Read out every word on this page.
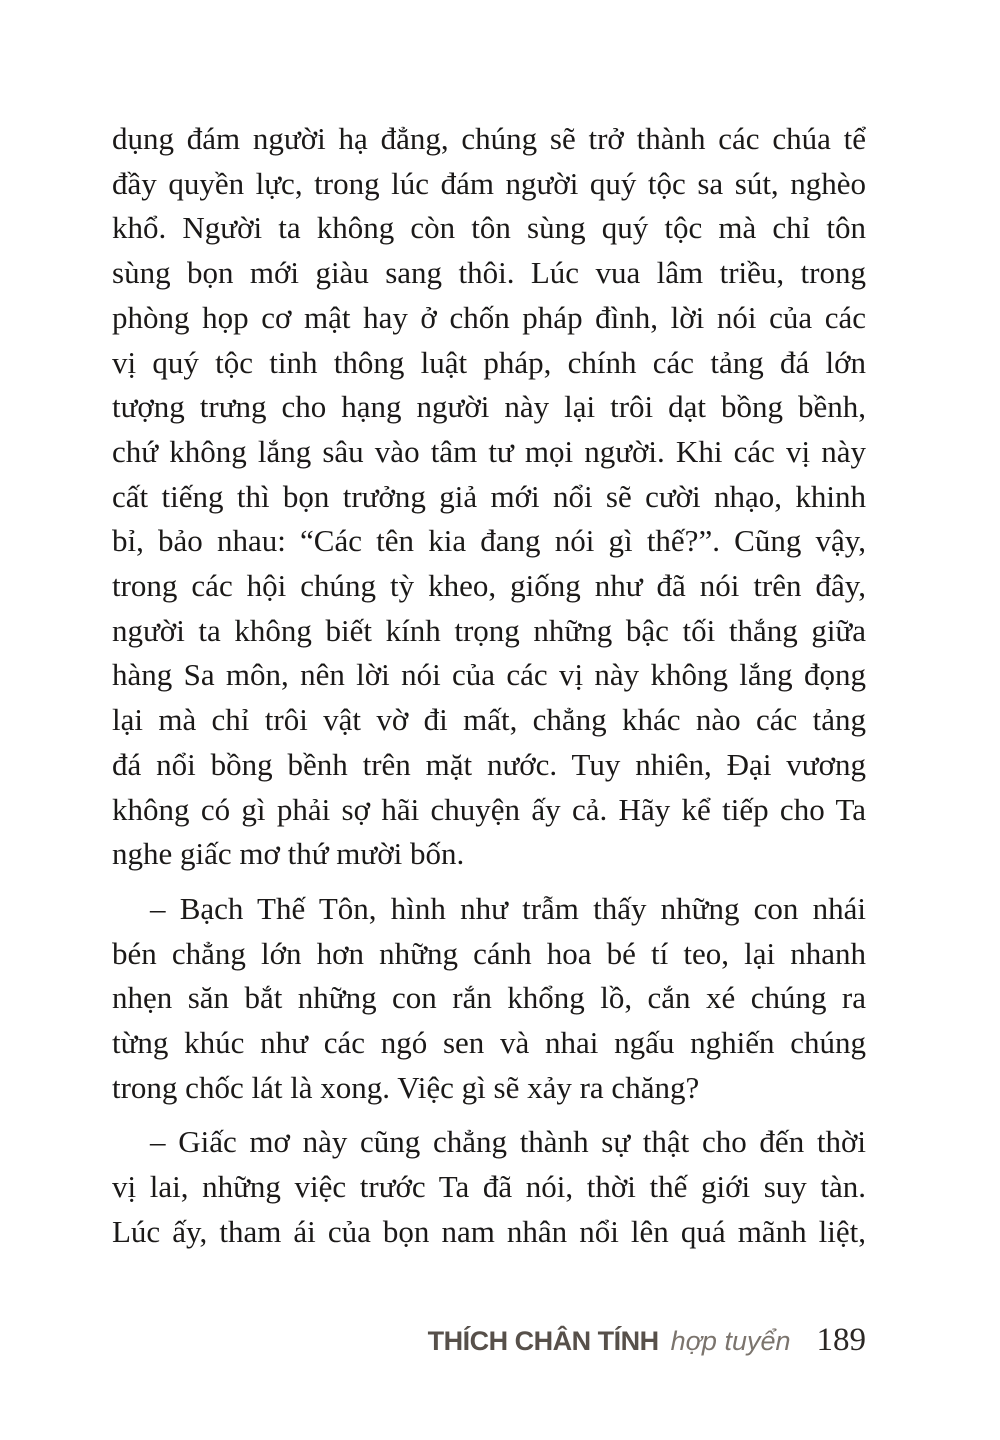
dụng đám người hạ đẳng, chúng sẽ trở thành các chúa tể
đầy quyền lực, trong lúc đám người quý tộc sa sút, nghèo
khổ. Người ta không còn tôn sùng quý tộc mà chỉ tôn
sùng bọn mới giàu sang thôi. Lúc vua lâm triều, trong
phòng họp cơ mật hay ở chốn pháp đình, lời nói của các
vị quý tộc tinh thông luật pháp, chính các tảng đá lớn
tượng trưng cho hạng người này lại trôi dạt bồng bềnh,
chứ không lắng sâu vào tâm tư mọi người. Khi các vị này
cất tiếng thì bọn trưởng giả mới nổi sẽ cười nhạo, khinh
bỉ, bảo nhau: “Các tên kia đang nói gì thế?”. Cũng vậy,
trong các hội chúng tỳ kheo, giống như đã nói trên đây,
người ta không biết kính trọng những bậc tối thắng giữa
hàng Sa môn, nên lời nói của các vị này không lắng đọng
lại mà chỉ trôi vật vờ đi mất, chẳng khác nào các tảng
đá nổi bồng bềnh trên mặt nước. Tuy nhiên, Đại vương
không có gì phải sợ hãi chuyện ấy cả. Hãy kể tiếp cho Ta
nghe giấc mơ thứ mười bốn.
– Bạch Thế Tôn, hình như trẫm thấy những con nhái
bén chẳng lớn hơn những cánh hoa bé tí teo, lại nhanh
nhẹn săn bắt những con rắn khổng lồ, cắn xé chúng ra
từng khúc như các ngó sen và nhai ngấu nghiến chúng
trong chốc lát là xong. Việc gì sẽ xảy ra chăng?
– Giấc mơ này cũng chẳng thành sự thật cho đến thời
vị lai, những việc trước Ta đã nói, thời thế giới suy tàn.
Lúc ấy, tham ái của bọn nam nhân nổi lên quá mãnh liệt,
THÍCH CHÂN TÍNH hợp tuyển 189
